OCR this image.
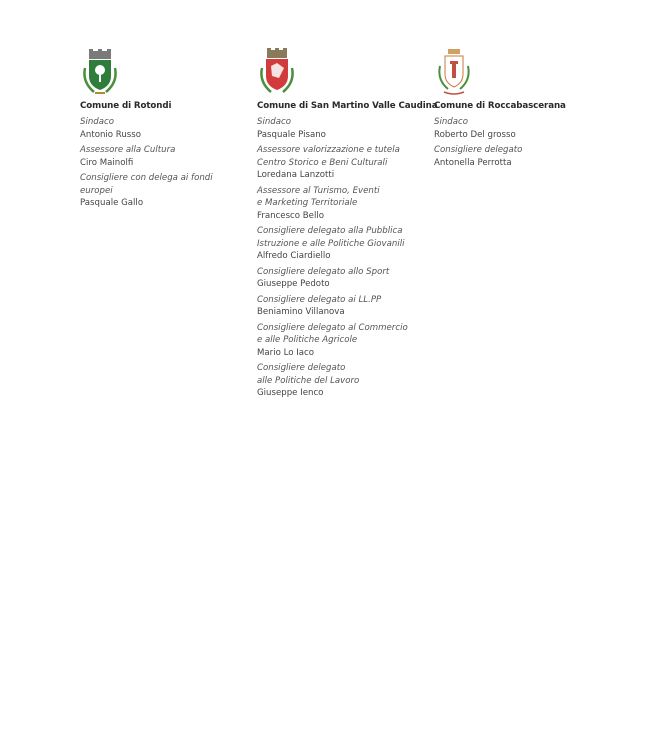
Comune di Rotondi
Sindaco
Antonio Russo
Assessore alla Cultura
Ciro Mainolfi
Consigliere con delega ai fondi
europei
Pasquale Gallo
Comune di San Martino Valle Caudina
Sindaco
Pasquale Pisano
Assessore valorizzazione e tutela
Centro Storico e Beni Culturali
Loredana Lanzotti
Assessore al Turismo, Eventi
e Marketing Territoriale
Francesco Bello
Consigliere delegato alla Pubblica
Istruzione e alle Politiche Giovanili
Alfredo Ciardiello
Consigliere delegato allo Sport
Giuseppe Pedoto
Consigliere delegato ai LL.PP
Beniamino Villanova
Consigliere delegato al Commercio
e alle Politiche Agricole
Mario Lo Iaco
Consigliere delegato
alle Politiche del Lavoro
Giuseppe Ienco
Comune di Roccabascerana
Sindaco
Roberto Del grosso
Consigliere delegato
Antonella Perrotta
